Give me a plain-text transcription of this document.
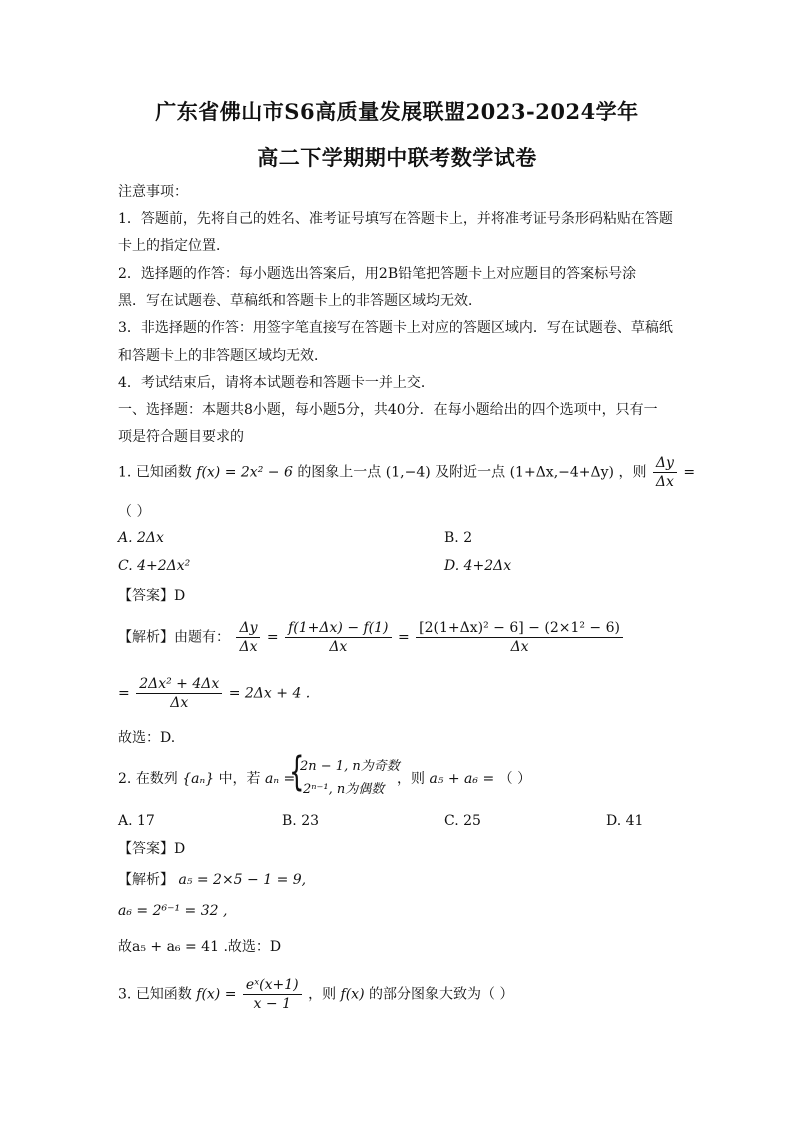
广东省佛山市S6高质量发展联盟2023-2024学年
高二下学期期中联考数学试卷
注意事项：
1．答题前，先将自己的姓名、准考证号填写在答题卡上，并将准考证号条形码粘贴在答题
卡上的指定位置．
2．选择题的作答：每小题选出答案后，用2B铅笔把答题卡上对应题目的答案标号涂
黑．写在试题卷、草稿纸和答题卡上的非答题区域均无效．
3．非选择题的作答：用签字笔直接写在答题卡上对应的答题区域内．写在试题卷、草稿纸
和答题卡上的非答题区域均无效．
4．考试结束后，请将本试题卷和答题卡一并上交．
一、选择题：本题共8小题，每小题5分，共40分．在每小题给出的四个选项中，只有一
项是符合题目要求的
1. 已知函数 f(x) = 2x² − 6 的图象上一点 (1,−4) 及附近一点 (1+Δx,−4+Δy) ，则 $\frac{\Delta y}{\Delta x}$ =
（ ）
A. 2Δx	B. 2
C. 4+2Δx²	D. 4+2Δx
【答案】D
【解析】由题有： $\frac{\Delta y}{\Delta x} = \frac{f(1+\Delta x) - f(1)}{\Delta x} = \frac{\text{[2(1+Δx)² − 6] − (2×1² − 6)}}{\Delta x}$
= $\frac{\text{2Δx² + 4Δx}}{\Delta x} = 2\Delta x + 4$ .
故选：D.
2. 在数列 {aₙ} 中，若 aₙ =
{
2n − 1, n为奇数
2ⁿ⁻¹, n为偶数
，则 a₅ + a₆ = （ ）
A. 17	B. 23	C. 25	D. 41
【答案】D
【解析】 a₅ = 2×5 − 1 = 9,
a₆ = 2⁶⁻¹ = 32 ,
故a₅ + a₆ = 41 .故选：D
3. 已知函数 $f(x) = \frac{\text{eˣ(x+1)}}{x - 1}$ ，则 f(x) 的部分图象大致为（ ）
